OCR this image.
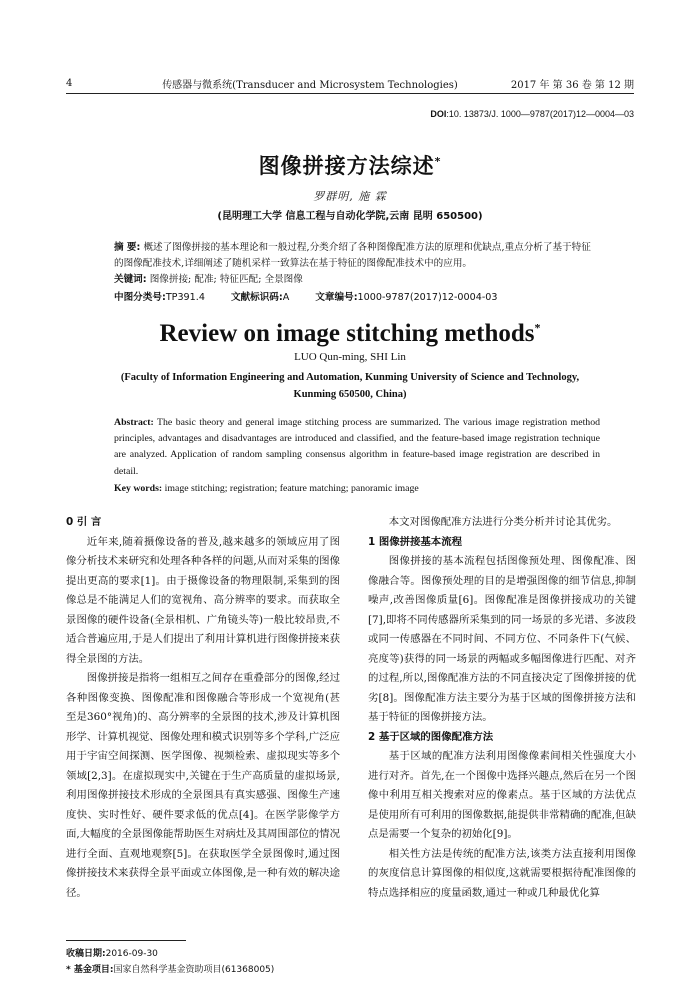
4	传感器与微系统(Transducer and Microsystem Technologies)	2017 年 第 36 卷 第 12 期
DOI:10. 13873/J. 1000—9787(2017)12—0004—03
图像拼接方法综述*
罗群明, 施 霖
(昆明理工大学 信息工程与自动化学院,云南 昆明 650500)
摘 要: 概述了图像拼接的基本理论和一般过程,分类介绍了各种图像配准方法的原理和优缺点,重点分析了基于特征的图像配准技术,详细阐述了随机采样一致算法在基于特征的图像配准技术中的应用。
关键词: 图像拼接; 配准; 特征匹配; 全景图像
中图分类号:TP391.4	文献标识码:A	文章编号:1000-9787(2017)12-0004-03
Review on image stitching methods*
LUO Qun-ming, SHI Lin
(Faculty of Information Engineering and Automation, Kunming University of Science and Technology, Kunming 650500, China)
Abstract: The basic theory and general image stitching process are summarized. The various image registration method principles, advantages and disadvantages are introduced and classified, and the feature-based image registration technique are analyzed. Application of random sampling consensus algorithm in feature-based image registration are described in detail.
Key words: image stitching; registration; feature matching; panoramic image
0 引 言

近年来,随着摄像设备的普及,越来越多的领域应用了图像分析技术来研究和处理各种各样的问题,从而对采集的图像提出更高的要求[1]。由于摄像设备的物理限制,采集到的图像总是不能满足人们的宽视角、高分辨率的要求。而获取全景图像的硬件设备(全景相机、广角镜头等)一般比较昂贵,不适合普遍应用,于是人们提出了利用计算机进行图像拼接来获得全景图的方法。

图像拼接是指将一组相互之间存在重叠部分的图像,经过各种图像变换、图像配准和图像融合等形成一个宽视角(甚至是360°视角)的、高分辨率的全景图的技术,涉及计算机图形学、计算机视觉、图像处理和模式识别等多个学科,广泛应用于宇宙空间探测、医学图像、视频检索、虚拟现实等多个领域[2,3]。在虚拟现实中,关键在于生产高质量的虚拟场景,利用图像拼接技术形成的全景图具有真实感强、图像生产速度快、实时性好、硬件要求低的优点[4]。在医学影像学方面,大幅度的全景图像能帮助医生对病灶及其周围部位的情况进行全面、直观地观察[5]。在获取医学全景图像时,通过图像拼接技术来获得全景平面或立体图像,是一种有效的解决途径。

本文对图像配准方法进行分类分析并讨论其优劣。

1 图像拼接基本流程

图像拼接的基本流程包括图像预处理、图像配准、图像融合等。图像预处理的目的是增强图像的细节信息,抑制噪声,改善图像质量[6]。图像配准是图像拼接成功的关键[7],即将不同传感器所采集到的同一场景的多光谱、多波段或同一传感器在不同时间、不同方位、不同条件下(气候、亮度等)获得的同一场景的两幅或多幅图像进行匹配、对齐的过程,所以,图像配准方法的不同直接决定了图像拼接的优劣[8]。图像配准方法主要分为基于区域的图像拼接方法和基于特征的图像拼接方法。

2 基于区域的图像配准方法

基于区域的配准方法利用图像像素间相关性强度大小进行对齐。首先,在一个图像中选择兴趣点,然后在另一个图像中利用互相关搜索对应的像素点。基于区域的方法优点是使用所有可利用的图像数据,能提供非常精确的配准,但缺点是需要一个复杂的初始化[9]。

相关性方法是传统的配准方法,该类方法直接利用图像的灰度信息计算图像的相似度,这就需要根据待配准图像的特点选择相应的度量函数,通过一种或几种最优化算

收稿日期:2016-09-30
* 基金项目:国家自然科学基金资助项目(61368005)
